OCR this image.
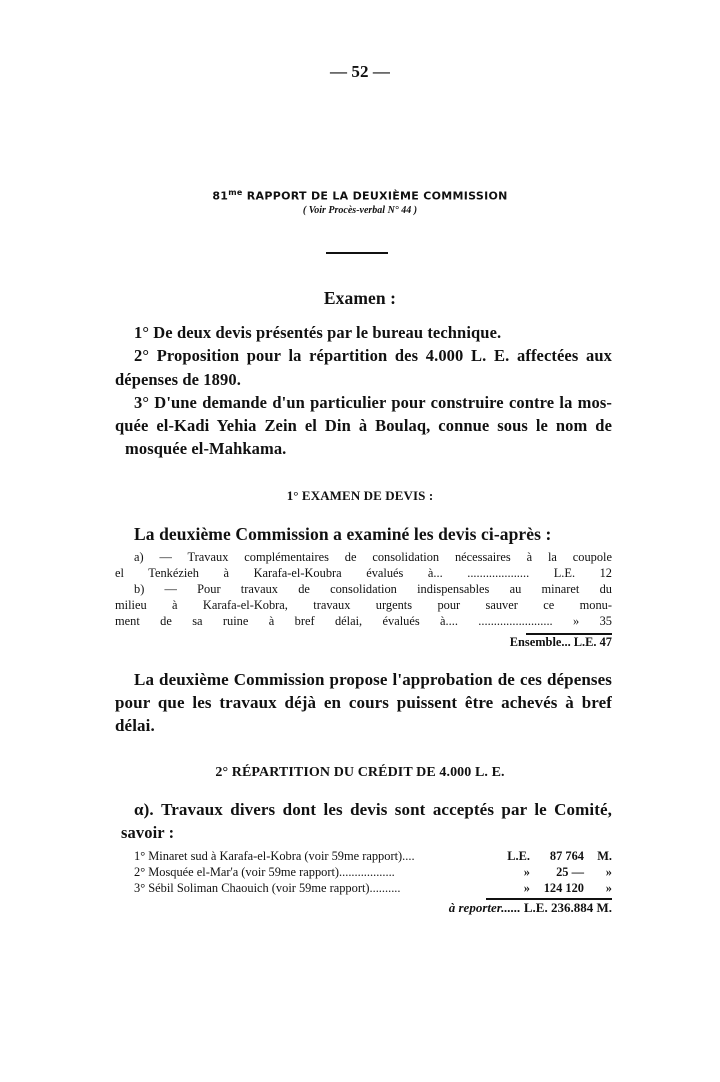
— 52 —
$81^{me}$ RAPPORT DE LA DEUXIÈME COMMISSION
( Voir Procès-verbal N° 44 )
Examen :
1° De deux devis présentés par le bureau technique.
2° Proposition pour la répartition des 4.000 L. E. affectées aux
dépenses de 1890.
3° D'une demande d'un particulier pour construire contre la mos-
quée el-Kadi Yehia Zein el Din à Boulaq, connue sous le nom de
mosquée el-Mahkama.
1° EXAMEN DE DEVIS :
La deuxième Commission a examiné les devis ci-après :
a) — Travaux complémentaires de consolidation nécessaires à la coupole
el Tenkézieh à Karafa-el-Koubra évalués à... .................... L.E. 12
b) — Pour travaux de consolidation indispensables au minaret du
milieu à Karafa-el-Kobra, travaux urgents pour sauver ce monu-
ment de sa ruine à bref délai, évalués à.... ........................ » 35
Ensemble... L.E. 47
La deuxième Commission propose l'approbation de ces dépenses
pour que les travaux déjà en cours puissent être achevés à bref
délai.
2° RÉPARTITION DU CRÉDIT DE 4.000 L. E.
α). Travaux divers dont les devis sont acceptés par le Comité,
savoir :
1° Minaret sud à Karafa-el-Kobra (voir 59me rapport)....	L.E.	87 764	M.
2° Mosquée el-Mar'a (voir 59me rapport)..................	»	25 —	»
3° Sébil Soliman Chaouich (voir 59me rapport)..........	»	124 120	»
à reporter...... L.E. 236.884 M.
